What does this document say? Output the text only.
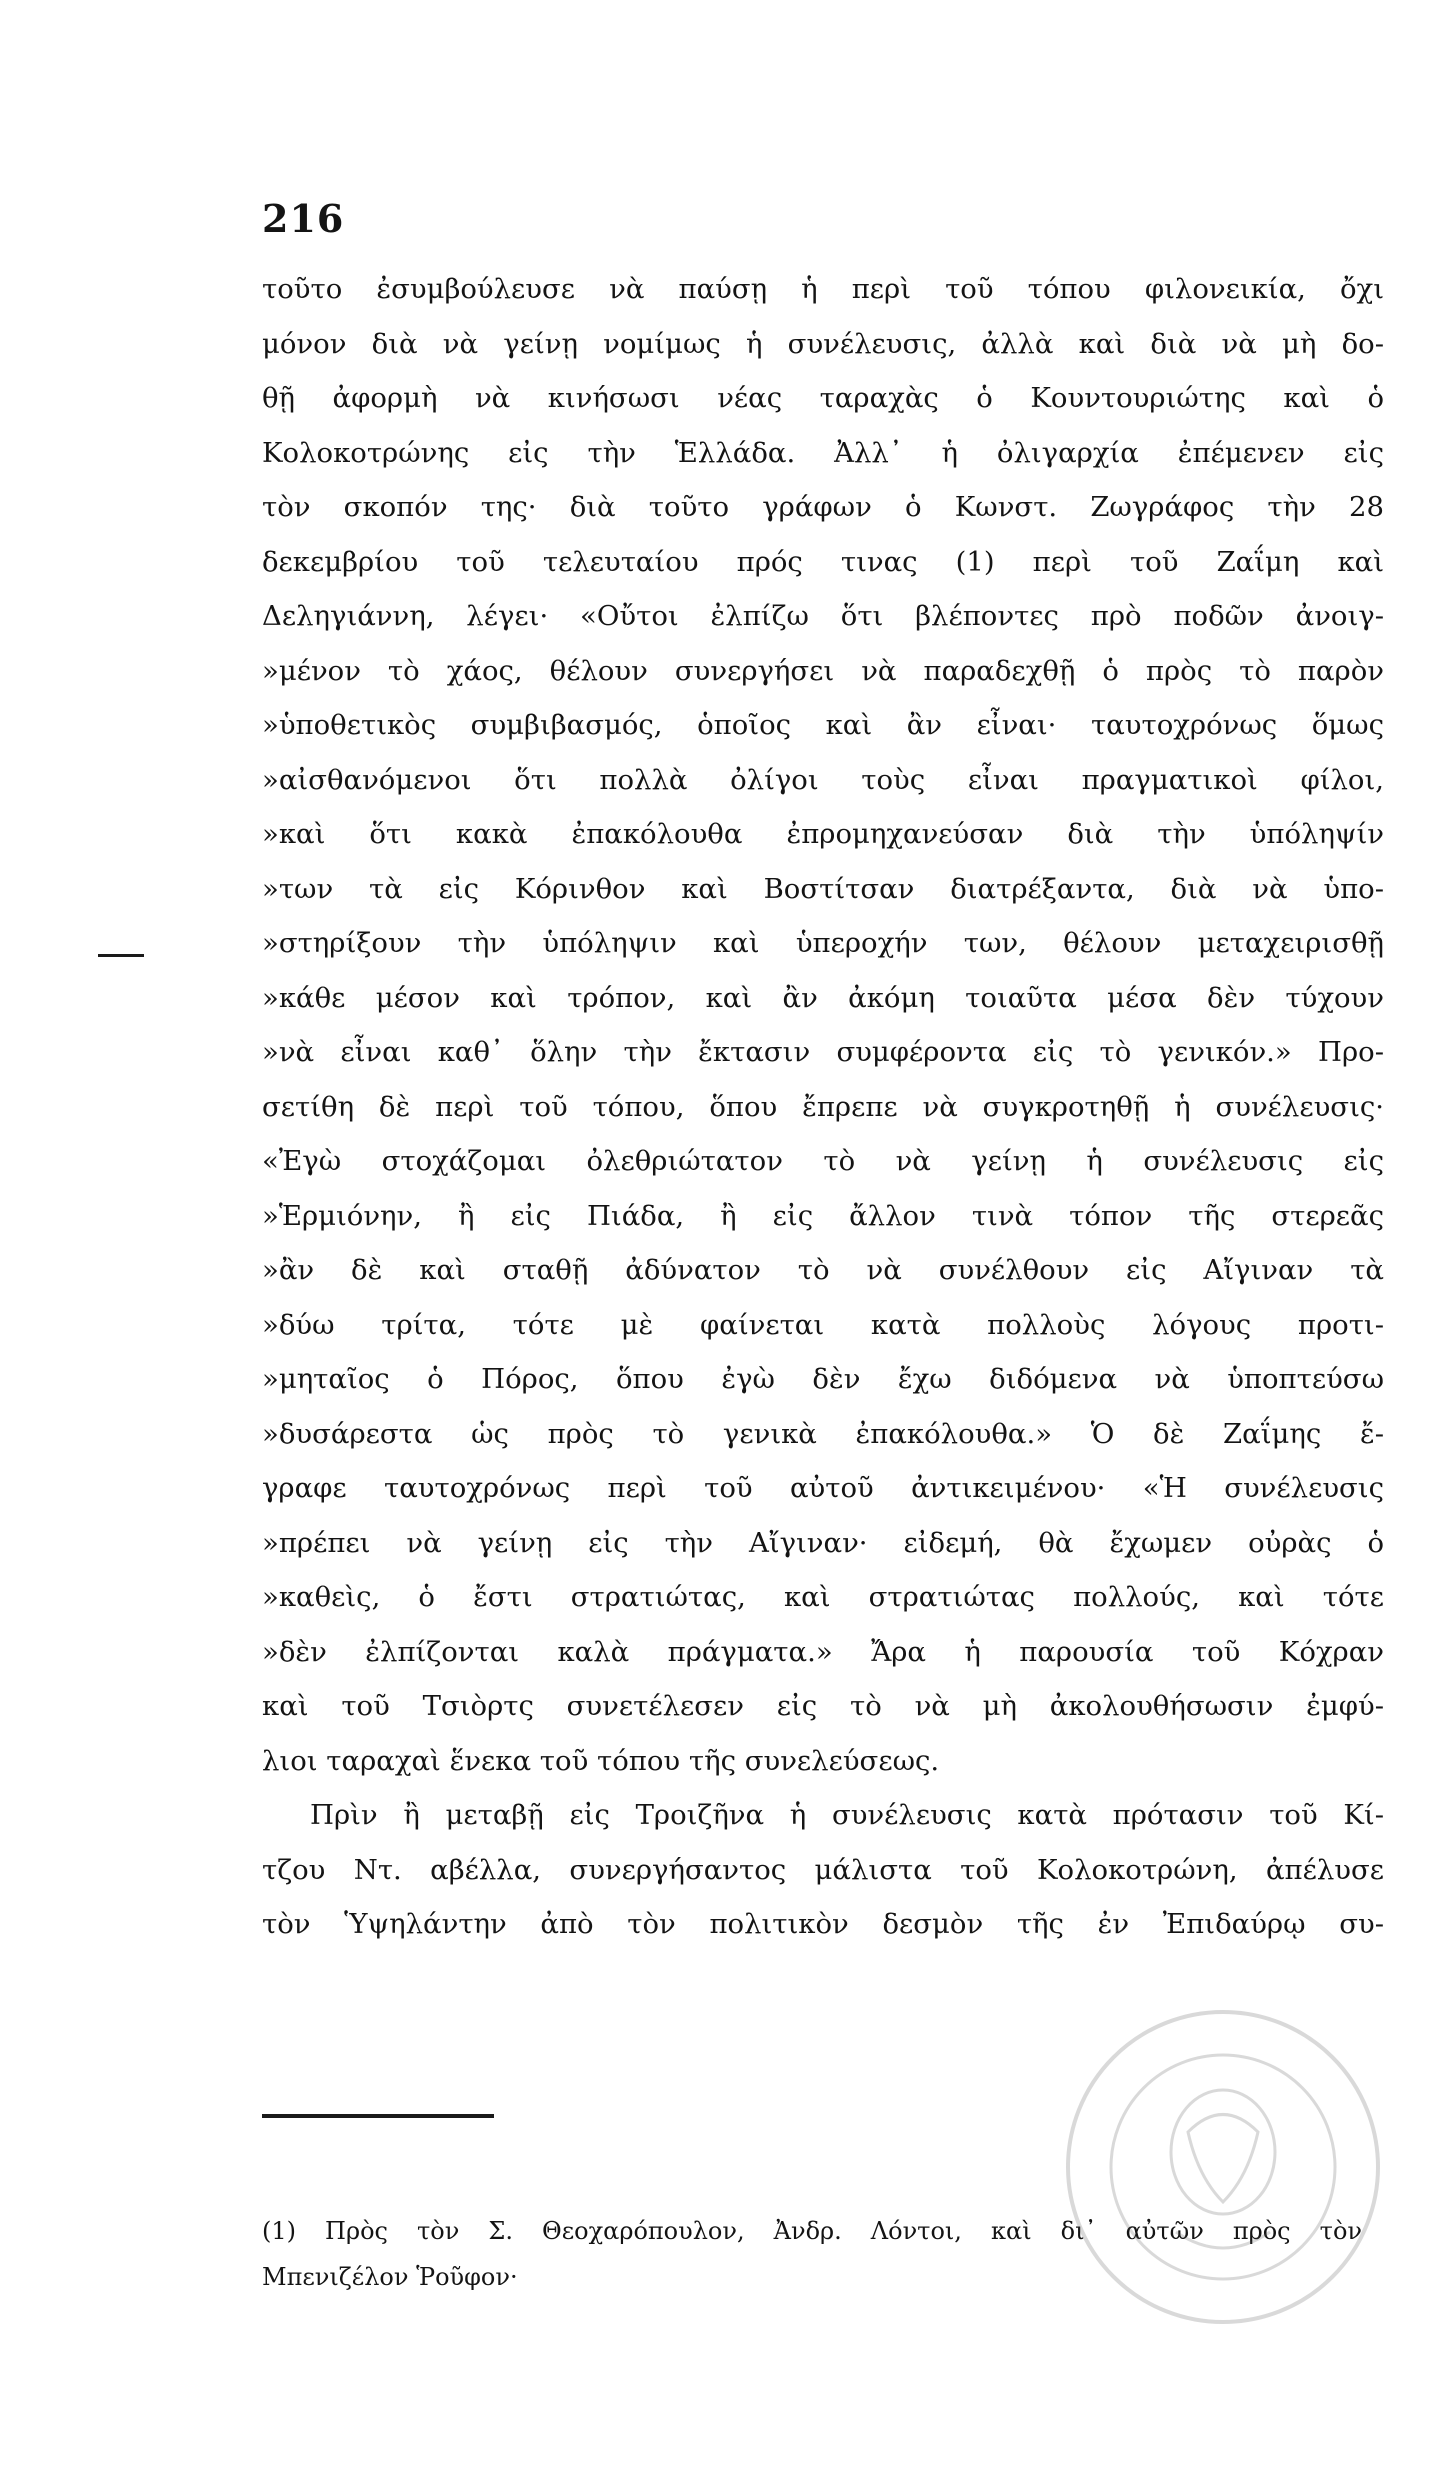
216
τοῦτο ἐσυμβούλευσε νὰ παύσῃ ἡ περὶ τοῦ τόπου φιλονεικία, ὄχι
μόνον διὰ νὰ γείνῃ νομίμως ἡ συνέλευσις, ἀλλὰ καὶ διὰ νὰ μὴ δο-
θῇ ἀφορμὴ νὰ κινήσωσι νέας ταραχὰς ὁ Κουντουριώτης καὶ ὁ
Κολοκοτρώνης εἰς τὴν Ἑλλάδα. Ἀλλ᾽ ἡ ὀλιγαρχία ἐπέμενεν εἰς
τὸν σκοπόν της· διὰ τοῦτο γράφων ὁ Κωνστ. Ζωγράφος τὴν 28
δεκεμβρίου τοῦ τελευταίου πρός τινας (1) περὶ τοῦ Ζαΐμη καὶ
Δεληγιάννη, λέγει· «Οὔτοι ἐλπίζω ὅτι βλέποντες πρὸ ποδῶν ἀνοιγ-
»μένον τὸ χάος, θέλουν συνεργήσει νὰ παραδεχθῇ ὁ πρὸς τὸ παρὸν
»ὑποθετικὸς συμβιβασμός, ὁποῖος καὶ ἂν εἶναι· ταυτοχρόνως ὅμως
»αἰσθανόμενοι ὅτι πολλὰ ὀλίγοι τοὺς εἶναι πραγματικοὶ φίλοι,
»καὶ ὅτι κακὰ ἐπακόλουθα ἐπρομηχανεύσαν διὰ τὴν ὑπόληψίν
»των τὰ εἰς Κόρινθον καὶ Βοστίτσαν διατρέξαντα, διὰ νὰ ὑπο-
»στηρίξουν τὴν ὑπόληψιν καὶ ὑπεροχήν των, θέλουν μεταχειρισθῇ
»κάθε μέσον καὶ τρόπον, καὶ ἂν ἀκόμη τοιαῦτα μέσα δὲν τύχουν
»νὰ εἶναι καθ᾽ ὅλην τὴν ἔκτασιν συμφέροντα εἰς τὸ γενικόν.» Προ-
σετίθη δὲ περὶ τοῦ τόπου, ὅπου ἔπρεπε νὰ συγκροτηθῇ ἡ συνέλευσις·
«Ἐγὼ στοχάζομαι ὀλεθριώτατον τὸ νὰ γείνῃ ἡ συνέλευσις εἰς
»Ἑρμιόνην, ἢ εἰς Πιάδα, ἢ εἰς ἄλλον τινὰ τόπον τῆς στερεᾶς
»ἂν δὲ καὶ σταθῇ ἀδύνατον τὸ νὰ συνέλθουν εἰς Αἴγιναν τὰ
»δύω τρίτα, τότε μὲ φαίνεται κατὰ πολλοὺς λόγους προτι-
»μηταῖος ὁ Πόρος, ὅπου ἐγὼ δὲν ἔχω διδόμενα νὰ ὑποπτεύσω
»δυσάρεστα ὡς πρὸς τὸ γενικὰ ἐπακόλουθα.» Ὁ δὲ Ζαΐμης ἔ-
γραφε ταυτοχρόνως περὶ τοῦ αὐτοῦ ἀντικειμένου· «Ἡ συνέλευσις
»πρέπει νὰ γείνῃ εἰς τὴν Αἴγιναν· εἰδεμή, θὰ ἔχωμεν οὐρὰς ὁ
»καθεὶς, ὁ ἔστι στρατιώτας, καὶ στρατιώτας πολλούς, καὶ τότε
»δὲν ἐλπίζονται καλὰ πράγματα.» Ἄρα ἡ παρουσία τοῦ Κόχραν
καὶ τοῦ Τσιὸρτς συνετέλεσεν εἰς τὸ νὰ μὴ ἀκολουθήσωσιν ἐμφύ-
λιοι ταραχαὶ ἕνεκα τοῦ τόπου τῆς συνελεύσεως.
Πρὶν ἢ μεταβῇ εἰς Τροιζῆνα ἡ συνέλευσις κατὰ πρότασιν τοῦ Κί-
τζου Ντ. αβέλλα, συνεργήσαντος μάλιστα τοῦ Κολοκοτρώνη, ἀπέλυσε
τὸν Ὑψηλάντην ἀπὸ τὸν πολιτικὸν δεσμὸν τῆς ἐν Ἐπιδαύρῳ συ-
(1) Πρὸς τὸν Σ. Θεοχαρόπουλον, Ἀνδρ. Λόντοι, καὶ δι᾽ αὐτῶν πρὸς τὸν
Μπενιζέλον Ῥοῦφον·
